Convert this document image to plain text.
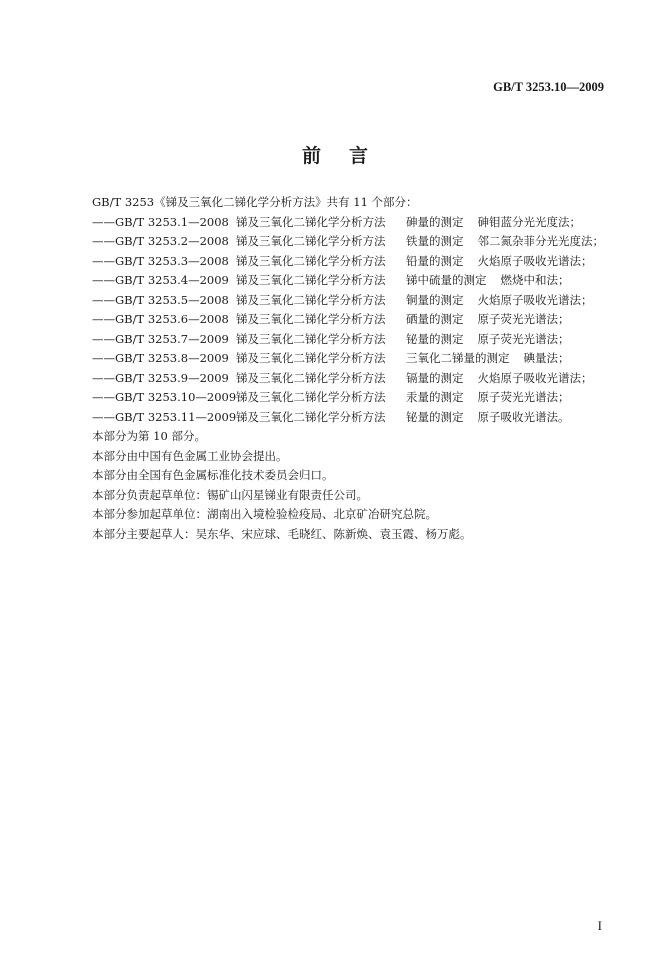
GB/T 3253.10—2009
前言
GB/T 3253《锑及三氧化二锑化学分析方法》共有 11 个部分：
——GB/T 3253.1—2008 锑及三氧化二锑化学分析方法	砷量的测定	砷钼蓝分光光度法；
——GB/T 3253.2—2008 锑及三氧化二锑化学分析方法	铁量的测定	邻二氮杂菲分光光度法；
——GB/T 3253.3—2008 锑及三氧化二锑化学分析方法	铅量的测定	火焰原子吸收光谱法；
——GB/T 3253.4—2009 锑及三氧化二锑化学分析方法	锑中硫量的测定	燃烧中和法；
——GB/T 3253.5—2008 锑及三氧化二锑化学分析方法	铜量的测定	火焰原子吸收光谱法；
——GB/T 3253.6—2008 锑及三氧化二锑化学分析方法	硒量的测定	原子荧光光谱法；
——GB/T 3253.7—2009 锑及三氧化二锑化学分析方法	铋量的测定	原子荧光光谱法；
——GB/T 3253.8—2009 锑及三氧化二锑化学分析方法	三氧化二锑量的测定	碘量法；
——GB/T 3253.9—2009 锑及三氧化二锑化学分析方法	镉量的测定	火焰原子吸收光谱法；
——GB/T 3253.10—2009 锑及三氧化二锑化学分析方法	汞量的测定	原子荧光光谱法；
——GB/T 3253.11—2009 锑及三氧化二锑化学分析方法	铋量的测定	原子吸收光谱法。
本部分为第 10 部分。
本部分由中国有色金属工业协会提出。
本部分由全国有色金属标准化技术委员会归口。
本部分负责起草单位：锡矿山闪星锑业有限责任公司。
本部分参加起草单位：湖南出入境检验检疫局、北京矿冶研究总院。
本部分主要起草人：吴东华、宋应球、毛晓红、陈新焕、袁玉霞、杨万彪。
I
